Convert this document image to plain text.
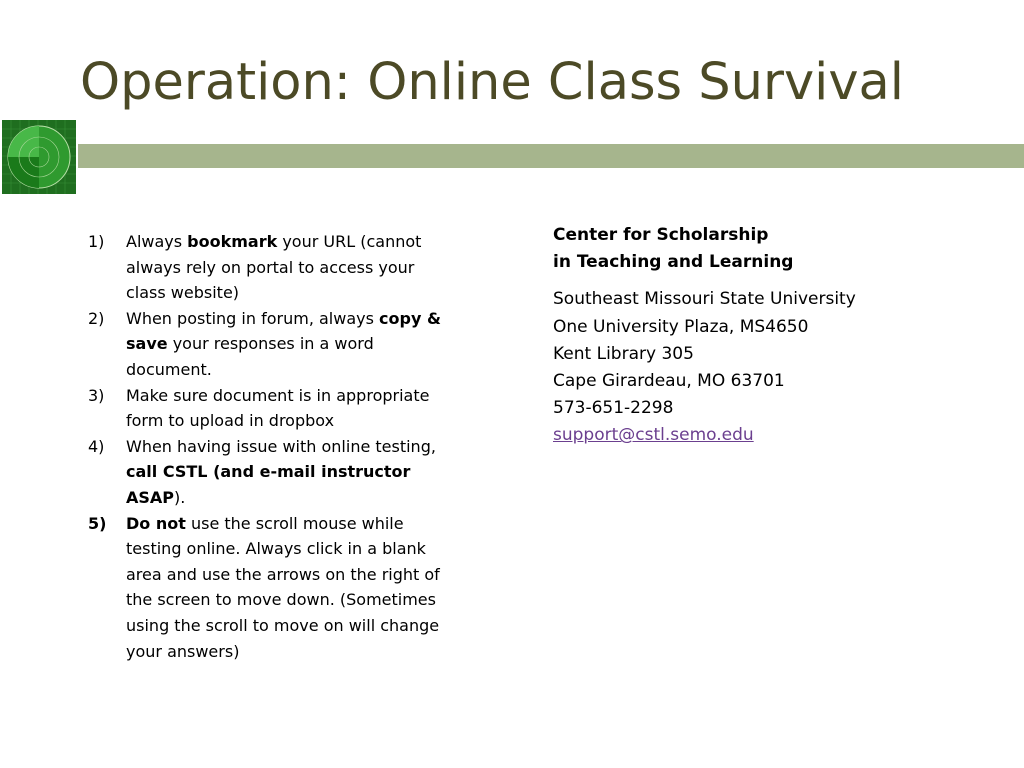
Operation: Online Class Survival
1)	Always bookmark your URL (cannot always rely on portal to access your class website)
2)	When posting in forum, always copy & save your responses in a word document.
3)	Make sure document is in appropriate form to upload in dropbox
4)	When having issue with online testing, call CSTL (and e-mail instructor ASAP).
5)	Do not use the scroll mouse while testing online. Always click in a blank area and use the arrows on the right of the screen to move down. (Sometimes using the scroll to move on will change your answers)
Center for Scholarship
in Teaching and Learning
Southeast Missouri State University
One University Plaza, MS4650
Kent Library 305
Cape Girardeau, MO 63701
573-651-2298
support@cstl.semo.edu
